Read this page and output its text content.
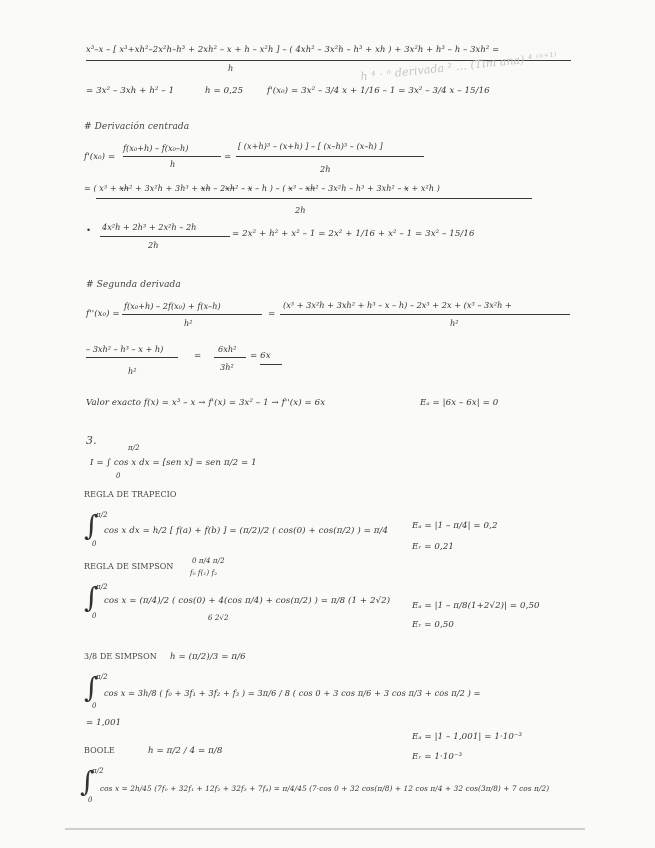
x³–x – [ x³+xh²–2x²h–h³ + 2xh² – x + h – x²h ] – ( 4xh² – 3x²h – h³ + xh ) + 3x²h + h³ – h – 3xh² =
h	h ⁴ ⋅ ⁿ derivada ² … (Tim ana) ⁴ ⁽ⁿ⁺¹⁾
= 3x² – 3xh + h² – 1	h = 0,25	f'(x₀) = 3x² – 3/4 x + 1/16 – 1 = 3x² – 3/4 x – 15/16
# Derivación centrada
f'(x₀) =
f(x₀+h) – f(x₀–h)
h
=
[ (x+h)³ – (x+h) ] – [ (x–h)³ – (x–h) ]
2h
= ( x³ + x̶h̶² + 3x²h + 3h³ + x̶h̶ – 2x̶h̶² – x̶ – h ) – ( x̶³ – x̶h̶² – 3x²h – h³ + 3xh² – x̶ + x²h )
2h
• 4x²h + 2h³ + 2x²h – 2h
2h
= 2x² + h² + x² – 1 = 2x² + 1/16 + x² – 1 = 3x² – 15/16
# Segunda derivada
f''(x₀) =
f(x₀+h) – 2f(x₀) + f(x–h)
h²
=
(x³ + 3x²h + 3xh² + h³ – x – h) – 2x³ + 2x + (x³ – 3x²h +
h²
– 3xh² – h³ – x + h)
h²
=
6xh²
3h²
= 6x
Valor exacto f(x) = x³ – x → f'(x) = 3x² – 1 → f''(x) = 6x	Eₐ = |6x – 6x| = 0
3.
I = ∫ cos x dx = [sen x] = sen π/2 = 1
π/2
0
REGLA DE TRAPECIO
∫
π/2
0
cos x dx = h/2 [ f(a) + f(b) ] = (π/2)/2 ( cos(0) + cos(π/2) ) = π/4	Eₐ = |1 – π/4| = 0,2
Eᵣ = 0,21
REGLA DE SIMPSON
0 π/4 π/2
f₀ f(₁) f₂
∫
π/2
0
cos x = (π/4)/2 ( cos(0) + 4(cos π/4) + cos(π/2) ) = π/8 (1 + 2√2)
6 2√2
Eₐ = |1 – π/8(1+2√2)| = 0,50
Eᵣ = 0,50
3/8 DE SIMPSON h = (π/2)/3 = π/6
∫
π/2
0
cos x = 3h/8 ( f₀ + 3f₁ + 3f₂ + f₃ ) = 3π/6 / 8 ( cos 0 + 3 cos π/6 + 3 cos π/3 + cos π/2 ) =
= 1,001
Eₐ = |1 – 1,001| = 1·10⁻³
Eᵣ = 1·10⁻³
BOOLE	h = π/2 / 4 = π/8
∫
π/2
0
cos x = 2h/45 (7f₀ + 32f₁ + 12f₂ + 32f₃ + 7f₄) = π/4/45 (7·cos 0 + 32 cos(π/8) + 12 cos π/4 + 32 cos(3π/8) + 7 cos π/2)
